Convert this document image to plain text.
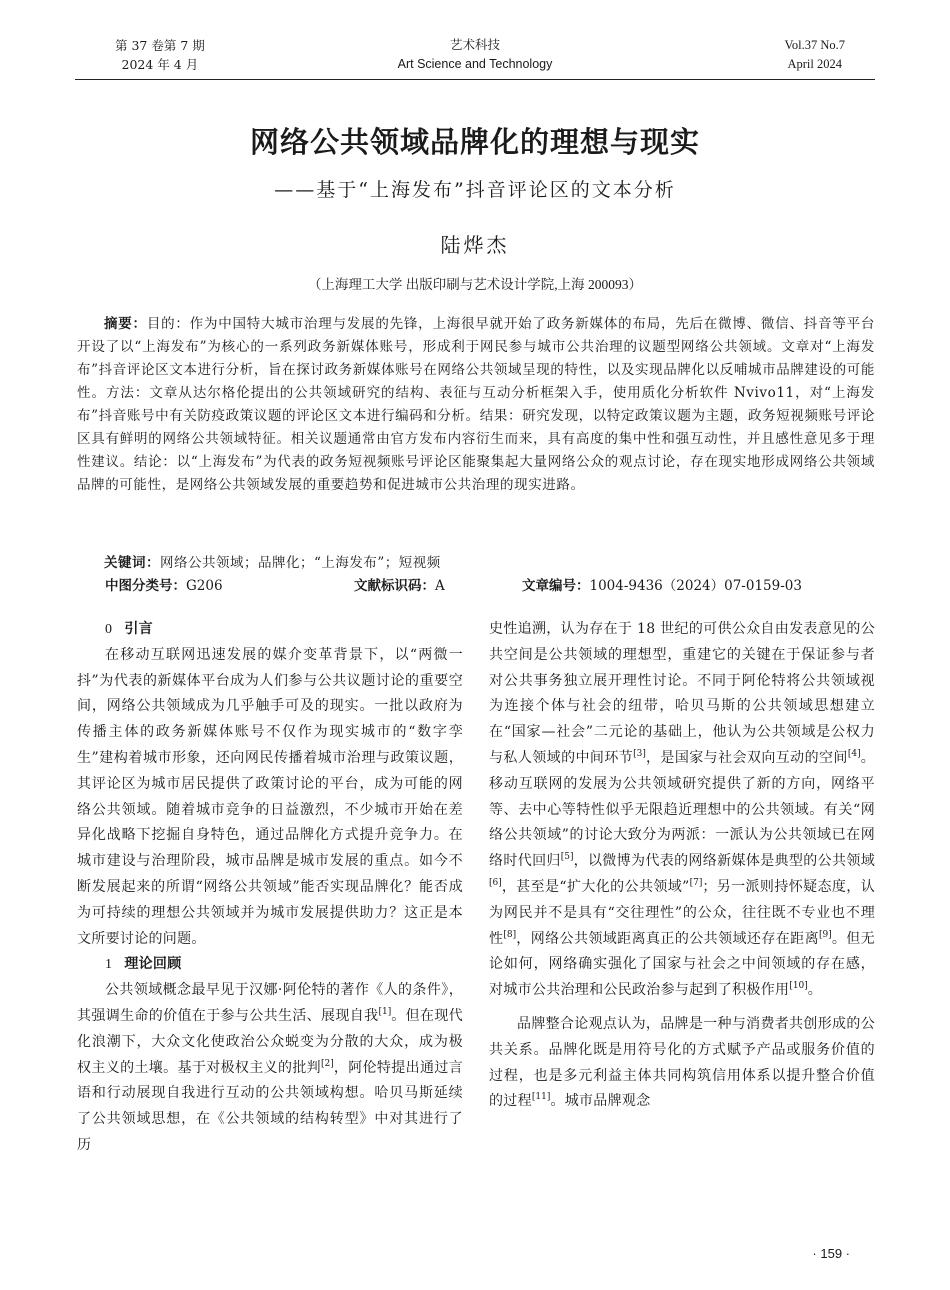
第 37 卷第 7 期
2024 年 4 月
艺术科技
Art Science and Technology
Vol.37 No.7
April 2024
网络公共领域品牌化的理想与现实
——基于“上海发布”抖音评论区的文本分析
陆烨杰
（上海理工大学 出版印刷与艺术设计学院,上海 200093）
摘要：目的：作为中国特大城市治理与发展的先锋，上海很早就开始了政务新媒体的布局，先后在微博、微信、抖音等平台开设了以“上海发布”为核心的一系列政务新媒体账号，形成利于网民参与城市公共治理的议题型网络公共领域。文章对“上海发布”抖音评论区文本进行分析，旨在探讨政务新媒体账号在网络公共领域呈现的特性，以及实现品牌化以反哺城市品牌建设的可能性。方法：文章从达尔格伦提出的公共领域研究的结构、表征与互动分析框架入手，使用质化分析软件 Nvivo11，对“上海发布”抖音账号中有关防疫政策议题的评论区文本进行编码和分析。结果：研究发现，以特定政策议题为主题，政务短视频账号评论区具有鲜明的网络公共领域特征。相关议题通常由官方发布内容衍生而来，具有高度的集中性和强互动性，并且感性意见多于理性建议。结论：以“上海发布”为代表的政务短视频账号评论区能聚集起大量网络公众的观点讨论，存在现实地形成网络公共领域品牌的可能性，是网络公共领域发展的重要趋势和促进城市公共治理的现实进路。
关键词：网络公共领域；品牌化；“上海发布”；短视频
中图分类号：G206	文献标识码：A	文章编号：1004-9436（2024）07-0159-03
0 引言

在移动互联网迅速发展的媒介变革背景下，以“两微一抖”为代表的新媒体平台成为人们参与公共议题讨论的重要空间，网络公共领域成为几乎触手可及的现实。一批以政府为传播主体的政务新媒体账号不仅作为现实城市的“数字孪生”建构着城市形象，还向网民传播着城市治理与政策议题，其评论区为城市居民提供了政策讨论的平台，成为可能的网络公共领域。随着城市竞争的日益激烈，不少城市开始在差异化战略下挖掘自身特色，通过品牌化方式提升竞争力。在城市建设与治理阶段，城市品牌是城市发展的重点。如今不断发展起来的所谓“网络公共领域”能否实现品牌化？能否成为可持续的理想公共领域并为城市发展提供助力？这正是本文所要讨论的问题。

1 理论回顾

公共领域概念最早见于汉娜·阿伦特的著作《人的条件》，其强调生命的价值在于参与公共生活、展现自我[1]。但在现代化浪潮下，大众文化使政治公众蜕变为分散的大众，成为极权主义的土壤。基于对极权主义的批判[2]，阿伦特提出通过言语和行动展现自我进行互动的公共领域构想。哈贝马斯延续了公共领域思想，在《公共领域的结构转型》中对其进行了历

史性追溯，认为存在于 18 世纪的可供公众自由发表意见的公共空间是公共领域的理想型，重建它的关键在于保证参与者对公共事务独立展开理性讨论。不同于阿伦特将公共领域视为连接个体与社会的纽带，哈贝马斯的公共领域思想建立在“国家—社会”二元论的基础上，他认为公共领域是公权力与私人领域的中间环节[3]，是国家与社会双向互动的空间[4]。移动互联网的发展为公共领域研究提供了新的方向，网络平等、去中心等特性似乎无限趋近理想中的公共领域。有关“网络公共领域”的讨论大致分为两派：一派认为公共领域已在网络时代回归[5]，以微博为代表的网络新媒体是典型的公共领域[6]，甚至是“扩大化的公共领域”[7]；另一派则持怀疑态度，认为网民并不是具有“交往理性”的公众，往往既不专业也不理性[8]，网络公共领域距离真正的公共领域还存在距离[9]。但无论如何，网络确实强化了国家与社会之中间领域的存在感，对城市公共治理和公民政治参与起到了积极作用[10]。

品牌整合论观点认为，品牌是一种与消费者共创形成的公共关系。品牌化既是用符号化的方式赋予产品或服务价值的过程，也是多元利益主体共同构筑信用体系以提升整合价值的过程[11]。城市品牌观念

· 159 ·
